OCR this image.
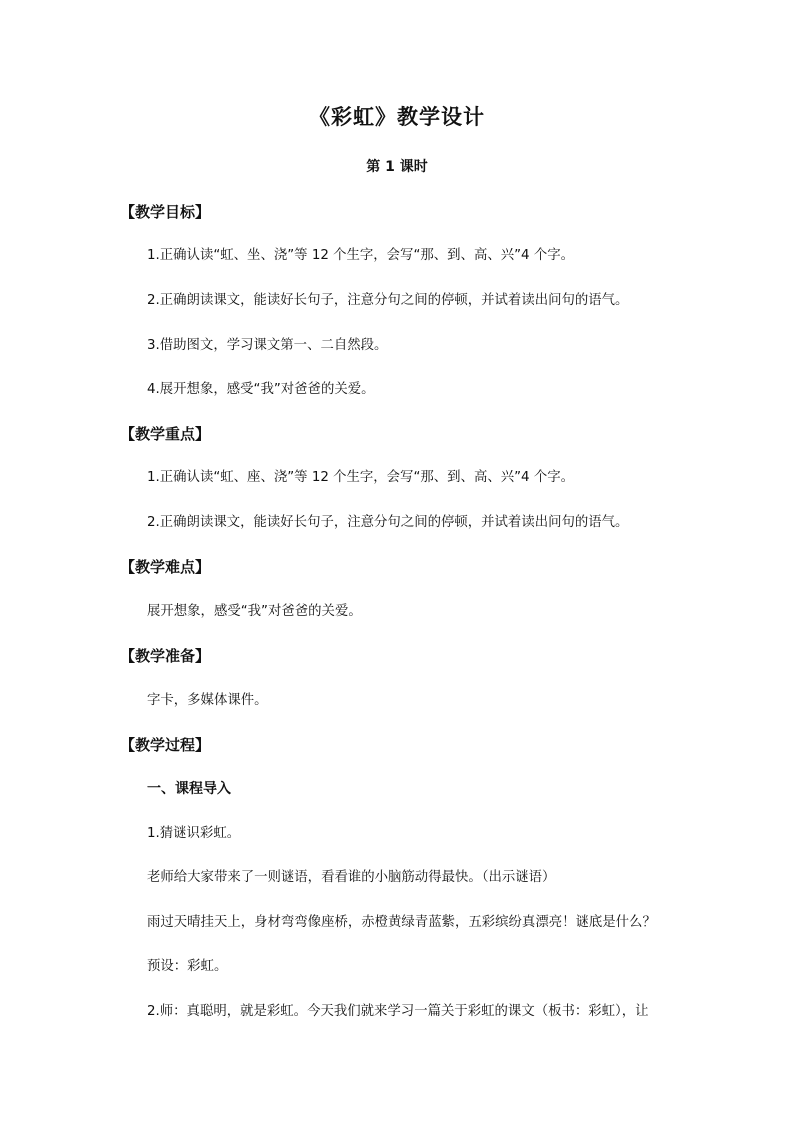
《彩虹》教学设计
第 1 课时

【教学目标】

1.正确认读“虹、坐、浇”等 12 个生字，会写“那、到、高、兴”4 个字。

2.正确朗读课文，能读好长句子，注意分句之间的停顿，并试着读出问句的语气。

3.借助图文，学习课文第一、二自然段。

4.展开想象，感受“我”对爸爸的关爱。

【教学重点】

1.正确认读“虹、座、浇”等 12 个生字，会写“那、到、高、兴”4 个字。

2.正确朗读课文，能读好长句子，注意分句之间的停顿，并试着读出问句的语气。

【教学难点】

展开想象，感受“我”对爸爸的关爱。

【教学准备】

字卡，多媒体课件。

【教学过程】

一、课程导入

1.猜谜识彩虹。

老师给大家带来了一则谜语，看看谁的小脑筋动得最快。（出示谜语）

雨过天晴挂天上，身材弯弯像座桥，赤橙黄绿青蓝紫，五彩缤纷真漂亮！谜底是什么？

预设：彩虹。

2.师：真聪明，就是彩虹。今天我们就来学习一篇关于彩虹的课文（板书：彩虹），让
